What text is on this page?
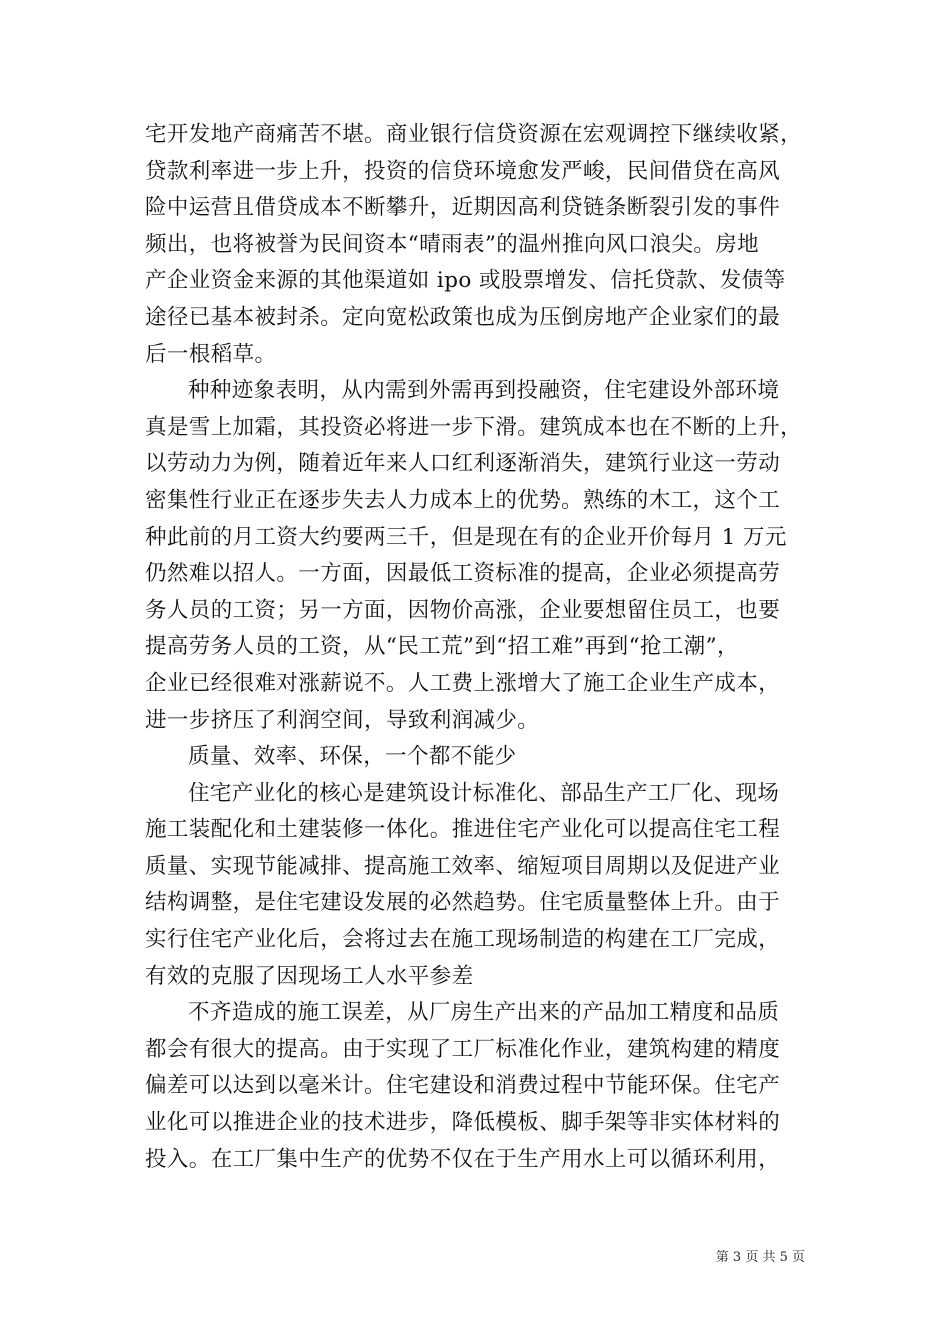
宅开发地产商痛苦不堪。商业银行信贷资源在宏观调控下继续收紧，
贷款利率进一步上升，投资的信贷环境愈发严峻，民间借贷在高风
险中运营且借贷成本不断攀升，近期因高利贷链条断裂引发的事件
频出，也将被誉为民间资本“晴雨表”的温州推向风口浪尖。房地
产企业资金来源的其他渠道如 ipo 或股票增发、信托贷款、发债等
途径已基本被封杀。定向宽松政策也成为压倒房地产企业家们的最
后一根稻草。
种种迹象表明，从内需到外需再到投融资，住宅建设外部环境
真是雪上加霜，其投资必将进一步下滑。建筑成本也在不断的上升，
以劳动力为例，随着近年来人口红利逐渐消失，建筑行业这一劳动
密集性行业正在逐步失去人力成本上的优势。熟练的木工，这个工
种此前的月工资大约要两三千，但是现在有的企业开价每月 1 万元
仍然难以招人。一方面，因最低工资标准的提高，企业必须提高劳
务人员的工资；另一方面，因物价高涨，企业要想留住员工，也要
提高劳务人员的工资，从“民工荒”到“招工难”再到“抢工潮”，
企业已经很难对涨薪说不。人工费上涨增大了施工企业生产成本，
进一步挤压了利润空间，导致利润减少。
质量、效率、环保，一个都不能少
住宅产业化的核心是建筑设计标准化、部品生产工厂化、现场
施工装配化和土建装修一体化。推进住宅产业化可以提高住宅工程
质量、实现节能减排、提高施工效率、缩短项目周期以及促进产业
结构调整，是住宅建设发展的必然趋势。住宅质量整体上升。由于
实行住宅产业化后，会将过去在施工现场制造的构建在工厂完成，
有效的克服了因现场工人水平参差
不齐造成的施工误差，从厂房生产出来的产品加工精度和品质
都会有很大的提高。由于实现了工厂标准化作业，建筑构建的精度
偏差可以达到以毫米计。住宅建设和消费过程中节能环保。住宅产
业化可以推进企业的技术进步，降低模板、脚手架等非实体材料的
投入。在工厂集中生产的优势不仅在于生产用水上可以循环利用，
第 3 页 共 5 页
